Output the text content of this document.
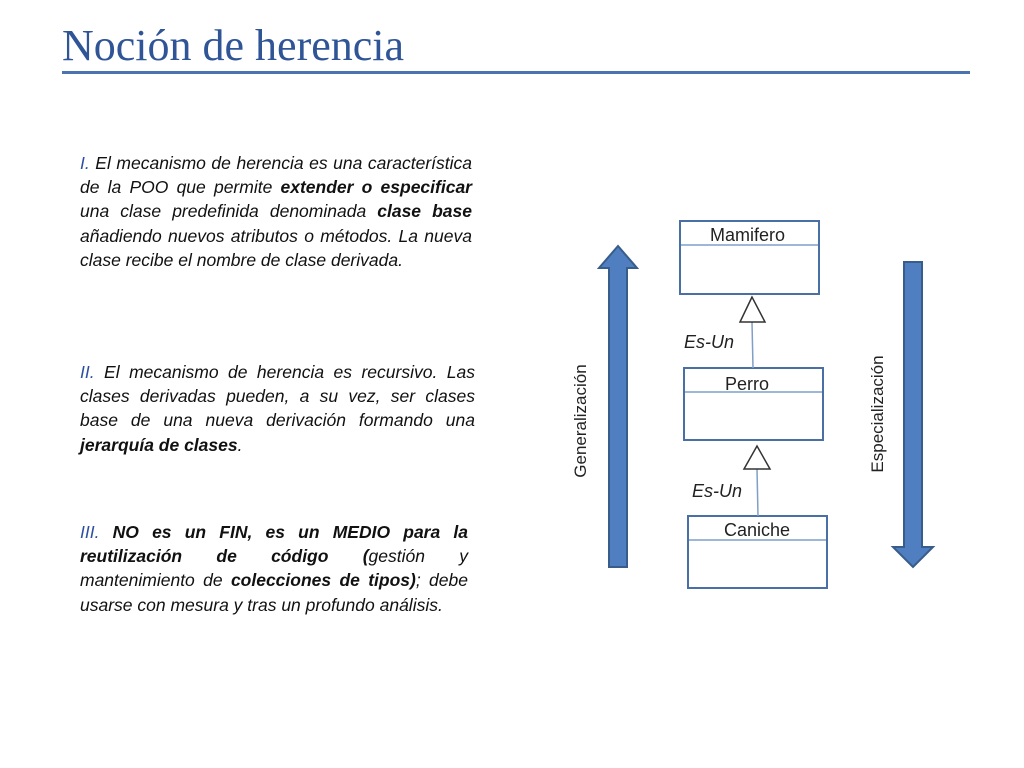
Noción de herencia
I. El mecanismo de herencia es una característica de la POO que permite extender o especificar una clase predefinida denominada clase base añadiendo nuevos atributos o métodos. La nueva clase recibe el nombre de clase derivada.
II. El mecanismo de herencia es recursivo. Las clases derivadas pueden, a su vez, ser clases base de una nueva derivación formando una jerarquía de clases.
III. NO es un FIN, es un MEDIO para la reutilización de código (gestión y mantenimiento de colecciones de tipos); debe usarse con mesura y tras un profundo análisis.
Mamifero
Perro
Caniche
Es-Un
Es-Un
Generalización	Especialización
